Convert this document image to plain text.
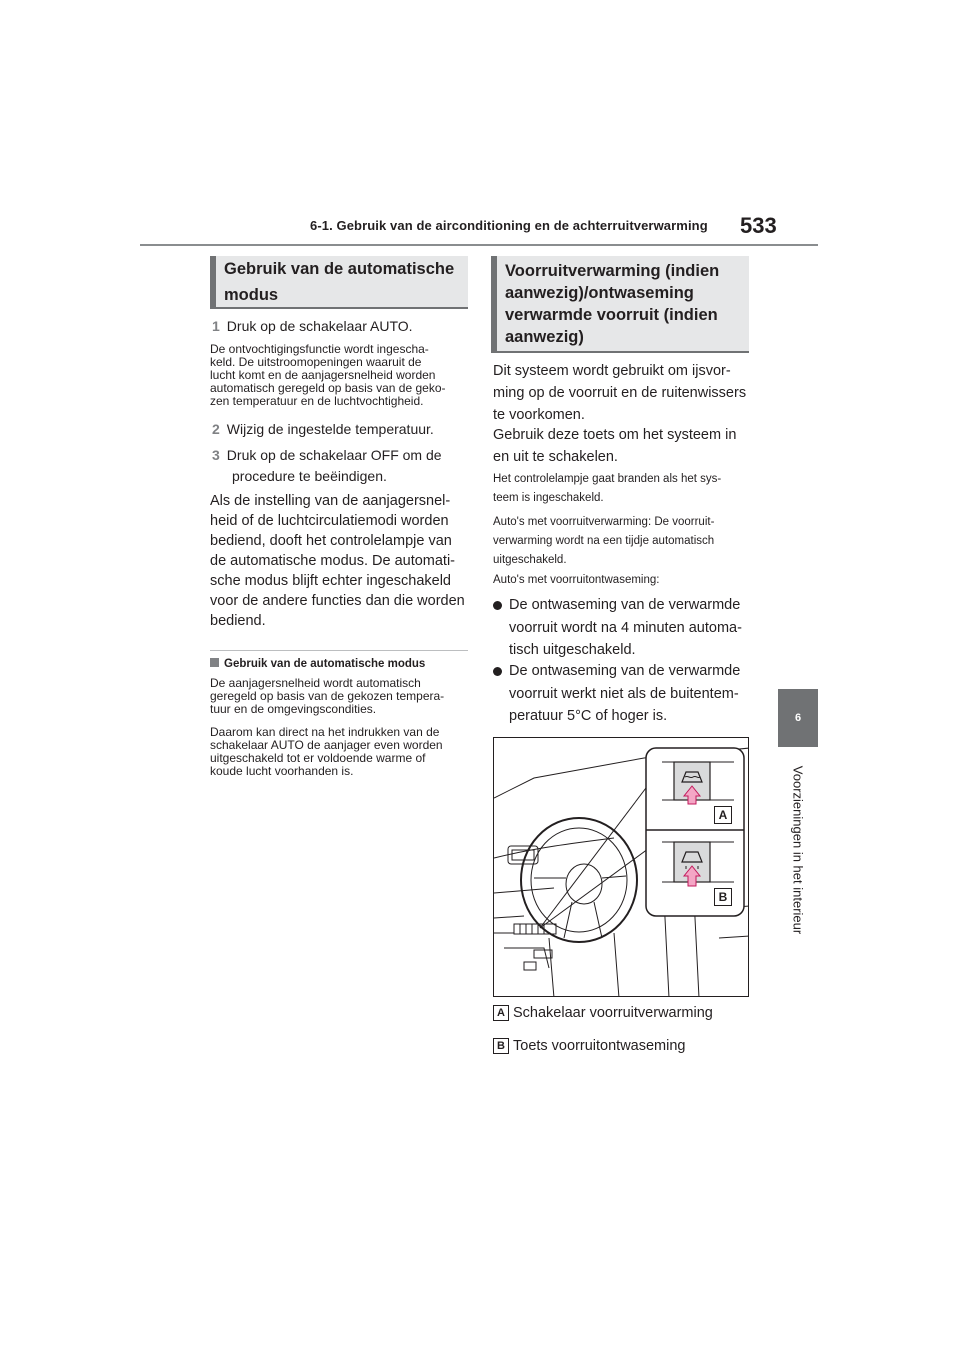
6-1. Gebruik van de airconditioning en de achterruitverwarming 533
6
Voorzieningen in het interieur
Gebruik van de automatische
modus
1 Druk op de schakelaar AUTO.
De ontvochtigingsfunctie wordt ingescha-
keld. De uitstroomopeningen waaruit de
lucht komt en de aanjagersnelheid worden
automatisch geregeld op basis van de geko-
zen temperatuur en de luchtvochtigheid.
2 Wijzig de ingestelde temperatuur.
3 Druk op de schakelaar OFF om de
procedure te beëindigen.
Als de instelling van de aanjagersnel-
heid of de luchtcirculatiemodi worden
bediend, dooft het controlelampje van
de automatische modus. De automati-
sche modus blijft echter ingeschakeld
voor de andere functies dan die worden
bediend.
Gebruik van de automatische modus
De aanjagersnelheid wordt automatisch
geregeld op basis van de gekozen tempera-
tuur en de omgevingscondities.
Daarom kan direct na het indrukken van de
schakelaar AUTO de aanjager even worden
uitgeschakeld tot er voldoende warme of
koude lucht voorhanden is.
Voorruitverwarming (indien
aanwezig)/ontwaseming
verwarmde voorruit (indien
aanwezig)
Dit systeem wordt gebruikt om ijsvor-
ming op de voorruit en de ruitenwissers
te voorkomen.
Gebruik deze toets om het systeem in
en uit te schakelen.
Het controlelampje gaat branden als het sys-
teem is ingeschakeld.
Auto's met voorruitverwarming: De voorruit-
verwarming wordt na een tijdje automatisch
uitgeschakeld.
Auto's met voorruitontwaseming:
De ontwaseming van de verwarmde
voorruit wordt na 4 minuten automa-
tisch uitgeschakeld.
De ontwaseming van de verwarmde
voorruit werkt niet als de buitentem-
peratuur 5°C of hoger is.
A
B
A Schakelaar voorruitverwarming
B Toets voorruitontwaseming
